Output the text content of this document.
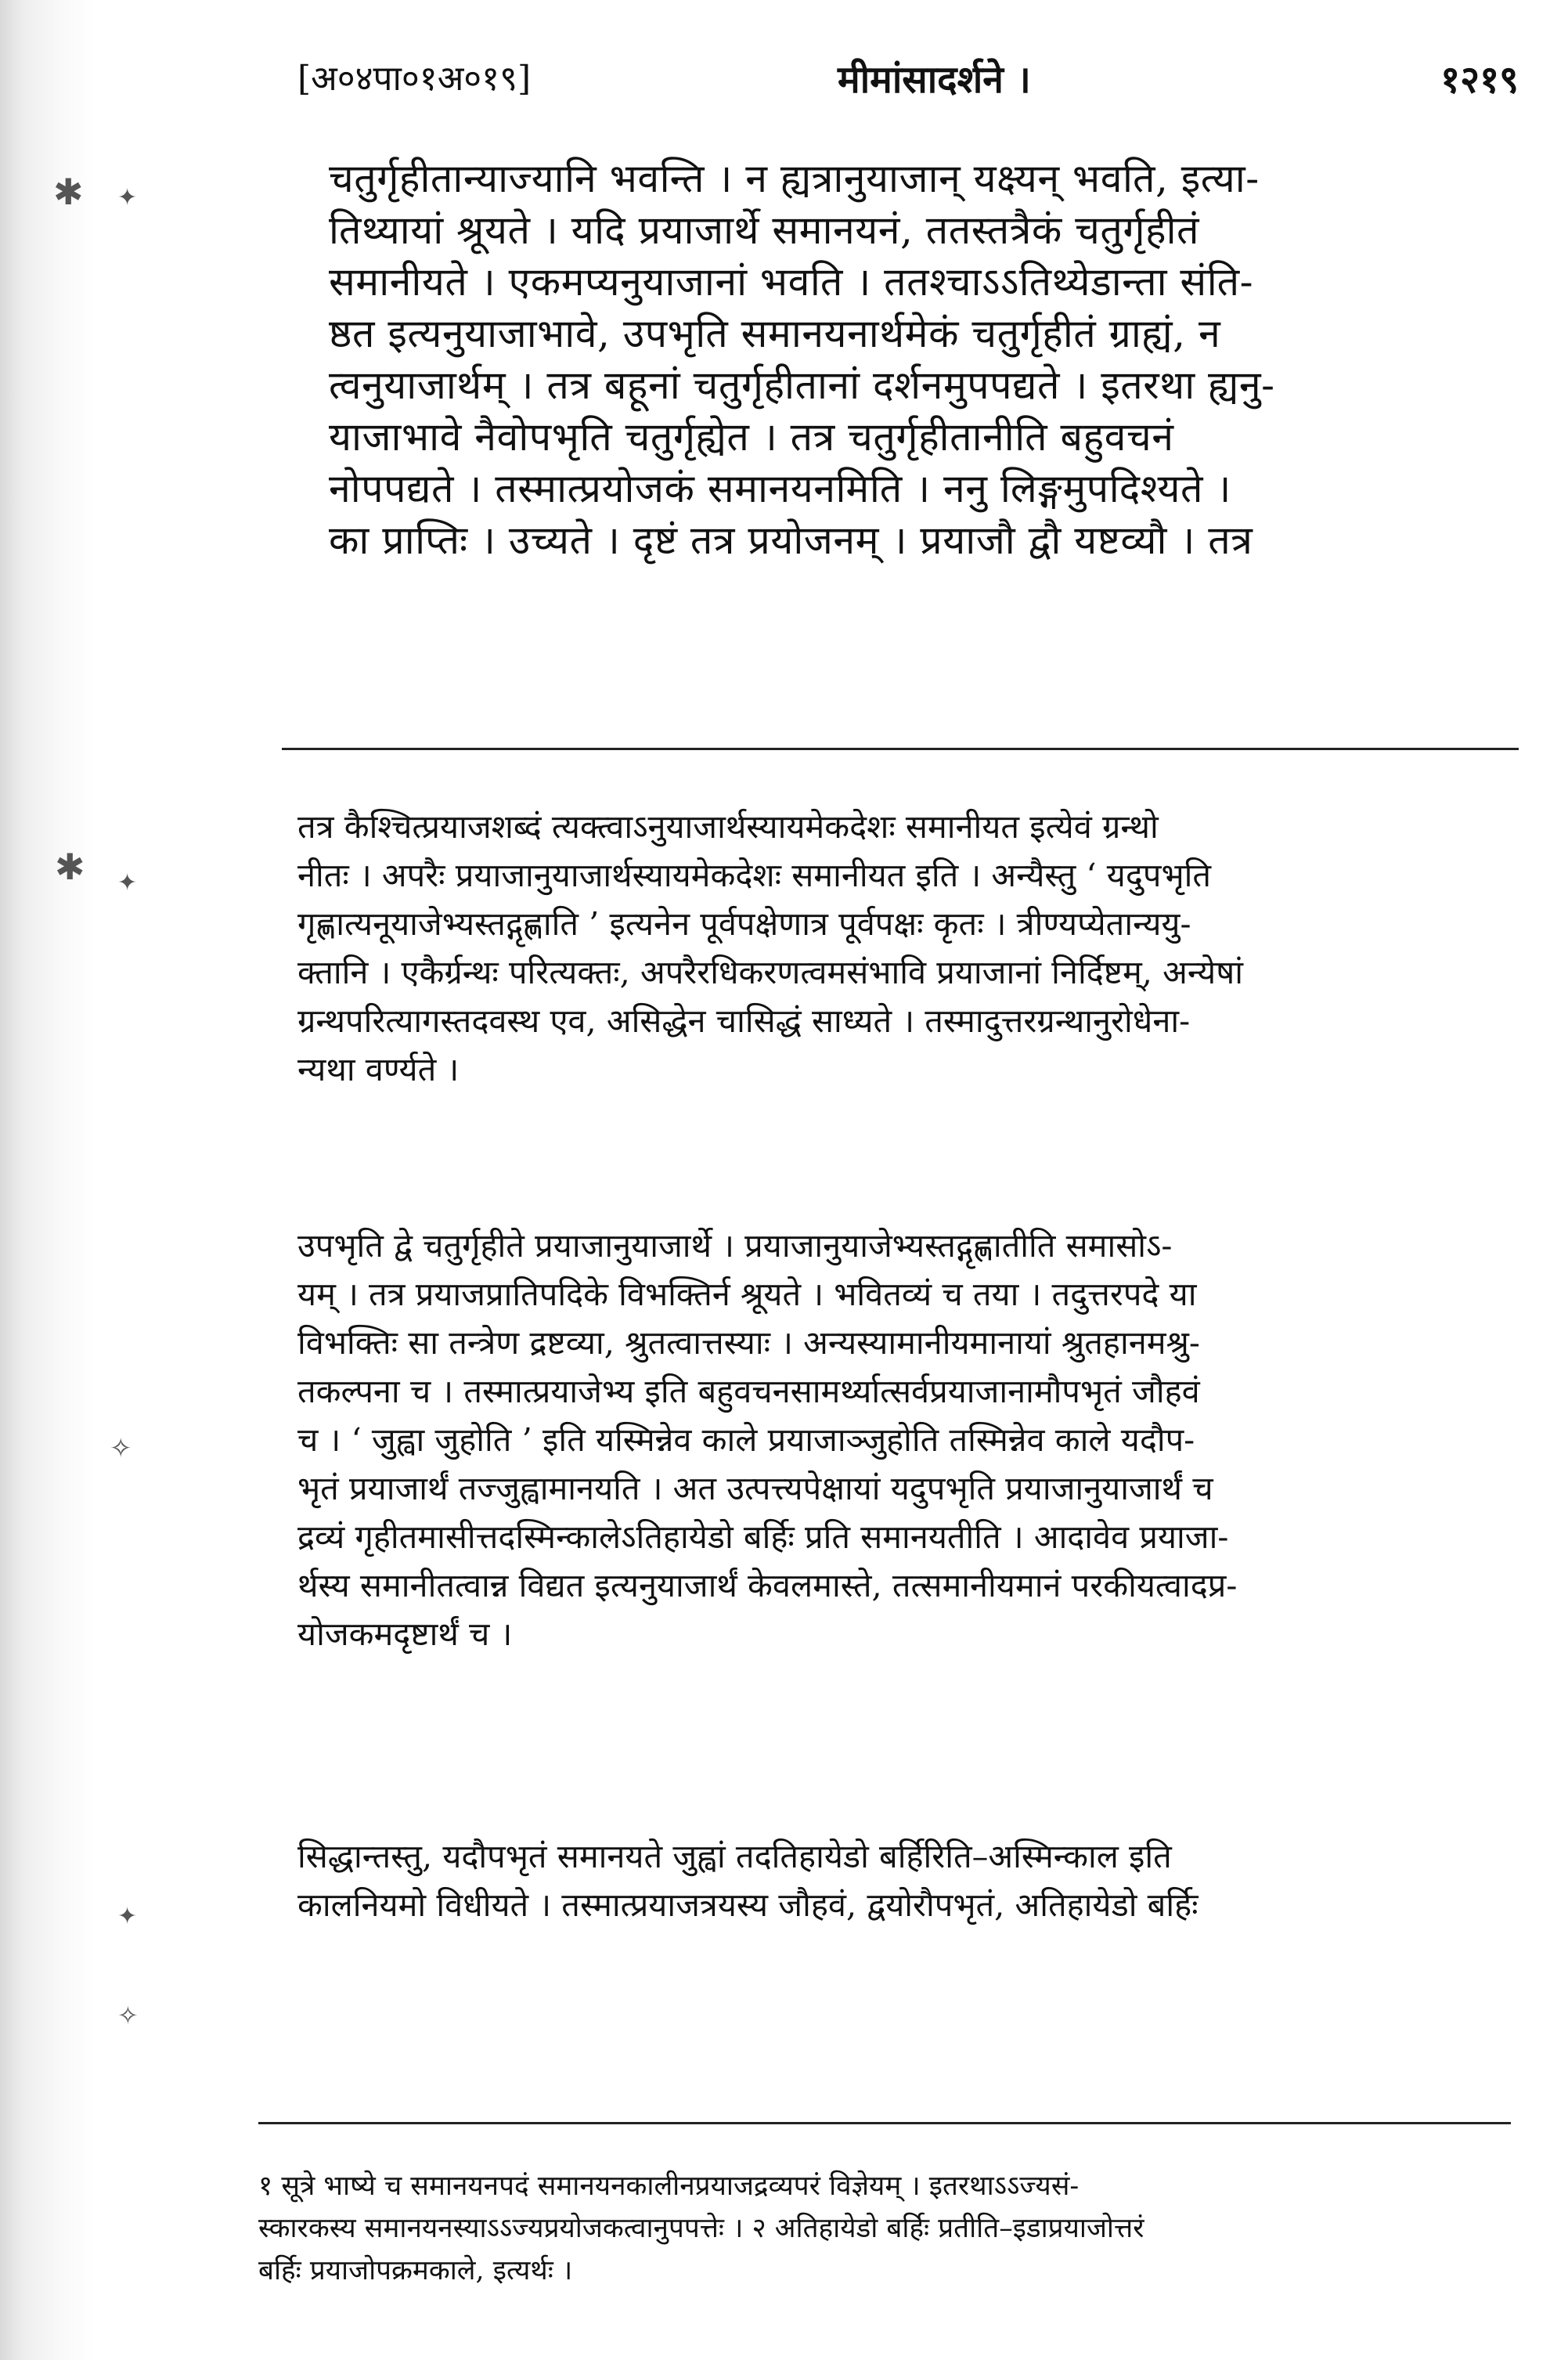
✱ ✦
✱ ✦
✧
✦
✧
[अ०४पा०१अ०१९]	मीमांसादर्शने ।	१२१९
चतुर्गृहीतान्याज्यानि भवन्ति । न ह्यत्रानुयाजान् यक्ष्यन् भवति, इत्या-
तिथ्यायां श्रूयते । यदि प्रयाजार्थे समानयनं, ततस्तत्रैकं चतुर्गृहीतं
समानीयते । एकमप्यनुयाजानां भवति । ततश्चाऽऽतिथ्येडान्ता संति-
ष्ठत इत्यनुयाजाभावे, उपभृति समानयनार्थमेकं चतुर्गृहीतं ग्राह्यं, न
त्वनुयाजार्थम् । तत्र बहूनां चतुर्गृहीतानां दर्शनमुपपद्यते । इतरथा ह्यनु-
याजाभावे नैवोपभृति चतुर्गृह्येत । तत्र चतुर्गृहीतानीति बहुवचनं
नोपपद्यते । तस्मात्प्रयोजकं समानयनमिति । ननु लिङ्गमुपदिश्यते ।
का प्राप्तिः । उच्यते । दृष्टं तत्र प्रयोजनम् । प्रयाजौ द्वौ यष्टव्यौ । तत्र
तत्र कैश्चित्प्रयाजशब्दं त्यक्त्वाऽनुयाजार्थस्यायमेकदेशः समानीयत इत्येवं ग्रन्थो
नीतः । अपरैः प्रयाजानुयाजार्थस्यायमेकदेशः समानीयत इति । अन्यैस्तु ‘ यदुपभृति
गृह्णात्यनूयाजेभ्यस्तद्गृह्णाति ’ इत्यनेन पूर्वपक्षेणात्र पूर्वपक्षः कृतः । त्रीण्यप्येतान्ययु-
क्तानि । एकैर्ग्रन्थः परित्यक्तः, अपरैरधिकरणत्वमसंभावि प्रयाजानां निर्दिष्टम्, अन्येषां
ग्रन्थपरित्यागस्तदवस्थ एव, असिद्धेन चासिद्धं साध्यते । तस्मादुत्तरग्रन्थानुरोधेना-
न्यथा वर्ण्यते ।
उपभृति द्वे चतुर्गृहीते प्रयाजानुयाजार्थे । प्रयाजानुयाजेभ्यस्तद्गृह्णातीति समासोऽ-
यम् । तत्र प्रयाजप्रातिपदिके विभक्तिर्न श्रूयते । भवितव्यं च तया । तदुत्तरपदे या
विभक्तिः सा तन्त्रेण द्रष्टव्या, श्रुतत्वात्तस्याः । अन्यस्यामानीयमानायां श्रुतहानमश्रु-
तकल्पना च । तस्मात्प्रयाजेभ्य इति बहुवचनसामर्थ्यात्सर्वप्रयाजानामौपभृतं जौहवं
च । ‘ जुह्वा जुहोति ’ इति यस्मिन्नेव काले प्रयाजाञ्जुहोति तस्मिन्नेव काले यदौप-
भृतं प्रयाजार्थं तज्जुह्वामानयति । अत उत्पत्त्यपेक्षायां यदुपभृति प्रयाजानुयाजार्थं च
द्रव्यं गृहीतमासीत्तदस्मिन्कालेऽतिहायेडो बर्हिः प्रति समानयतीति । आदावेव प्रयाजा-
र्थस्य समानीतत्वान्न विद्यत इत्यनुयाजार्थं केवलमास्ते, तत्समानीयमानं परकीयत्वादप्र-
योजकमदृष्टार्थं च ।
सिद्धान्तस्तु, यदौपभृतं समानयते जुह्वां तदतिहायेडो बर्हिरिति–अस्मिन्काल इति
कालनियमो विधीयते । तस्मात्प्रयाजत्रयस्य जौहवं, द्वयोरौपभृतं, अतिहायेडो बर्हिः
१ सूत्रे भाष्ये च समानयनपदं समानयनकालीनप्रयाजद्रव्यपरं विज्ञेयम् । इतरथाऽऽज्यसं-
स्कारकस्य समानयनस्याऽऽज्यप्रयोजकत्वानुपपत्तेः । २ अतिहायेडो बर्हिः प्रतीति–इडाप्रयाजोत्तरं
बर्हिः प्रयाजोपक्रमकाले, इत्यर्थः ।
